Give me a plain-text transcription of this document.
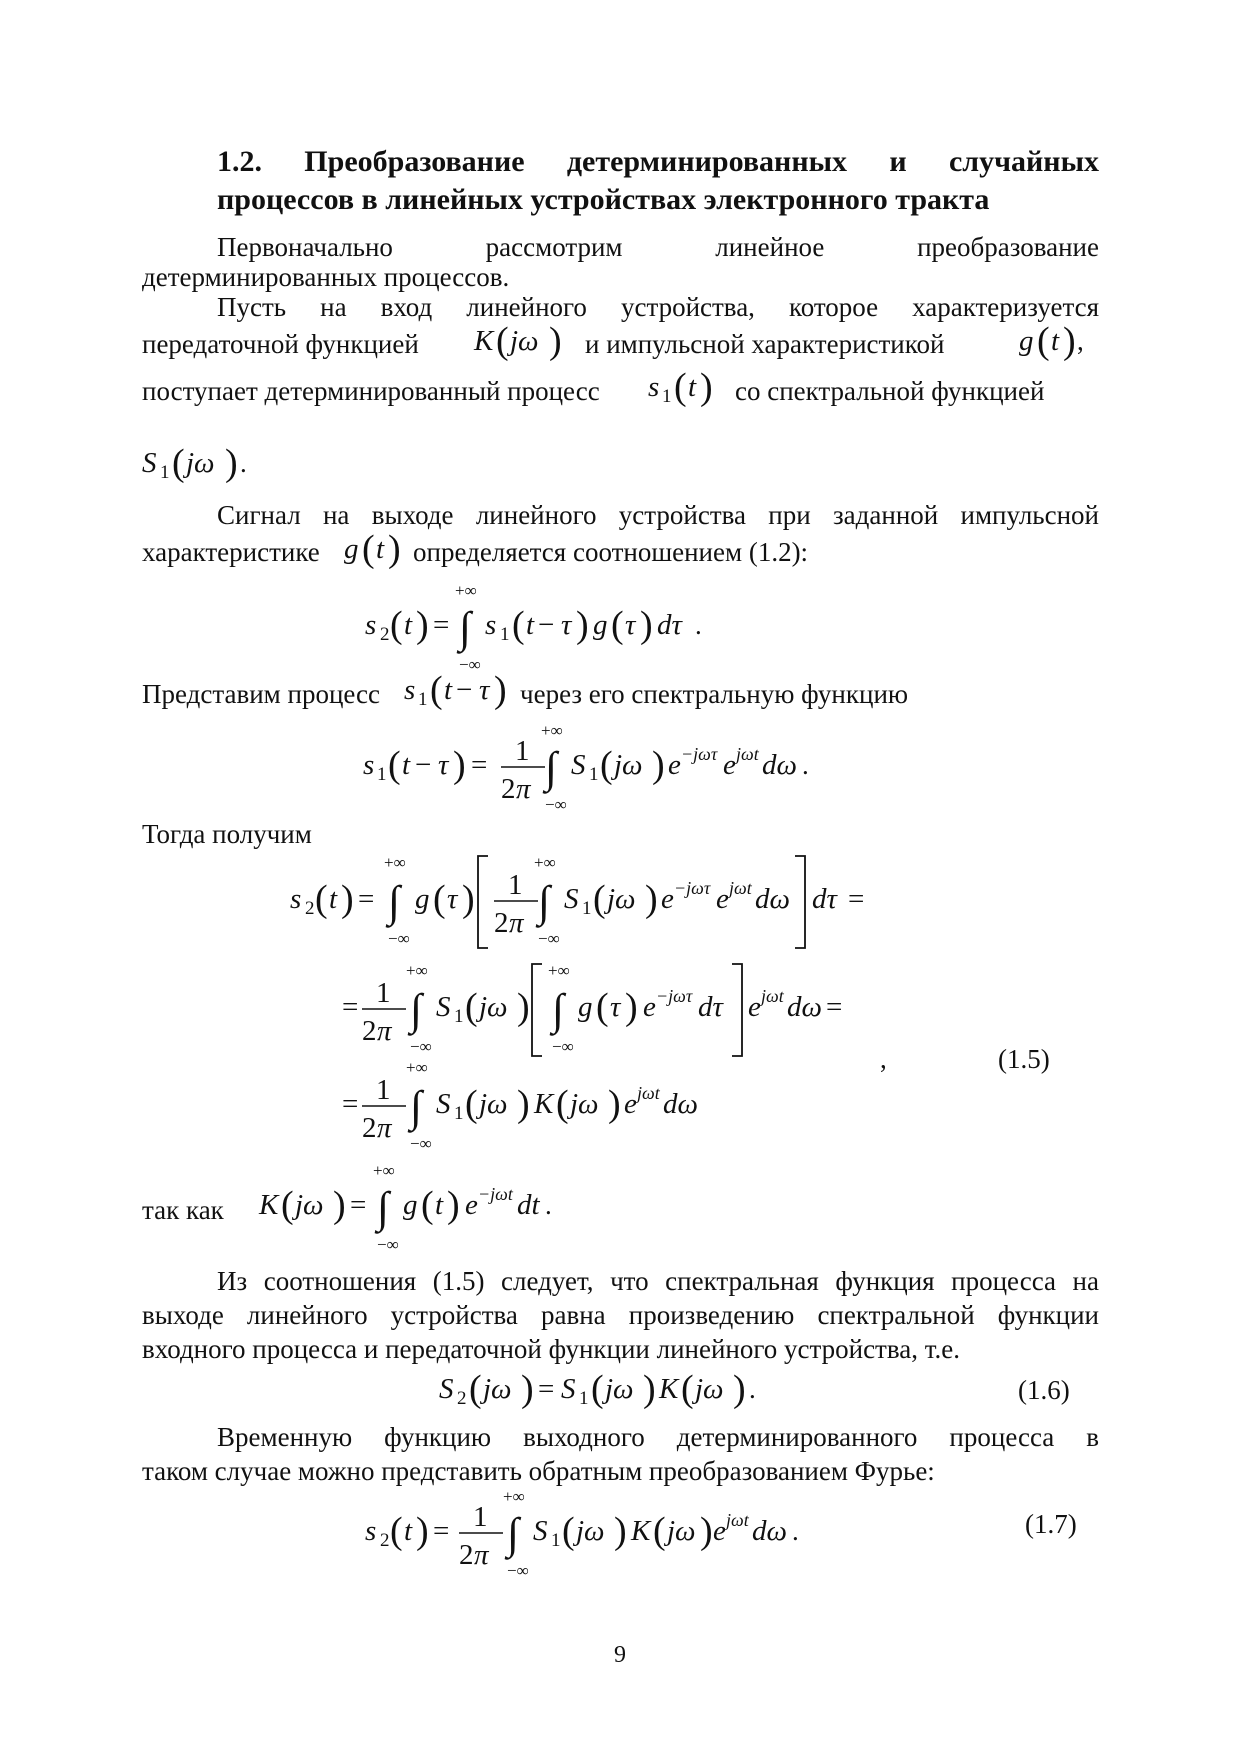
1.2. Преобразование детерминированных и случайных
процессов в линейных устройствах электронного тракта
Первоначально рассмотрим линейное преобразование
детерминированных процессов.
Пусть на вход линейного устройства, которое характеризуется
передаточной функцией K ( jω ) и импульсной характеристикой	g ( t ) ,
поступает детерминированный процесс s 1 ( t ) со спектральной функцией
S 1 ( jω ) .
Сигнал на выходе линейного устройства при заданной импульсной
характеристике g ( t ) определяется соотношением (1.2):
+∞
∫
−∞
s 2 ( t ) = s 1 ( t − τ ) g ( τ ) dτ .
Представим процесс s 1 ( t − τ ) через его спектральную функцию
s 1 ( t − τ ) = 1
2 π
+∞
∫
−∞
S 1 ( jω ) e −jωτ e jωt dω .
Тогда получим
s 2 ( t ) =
+∞
∫
−∞
g ( τ ) 1
2 π
+∞
∫
−∞
S 1 ( jω ) e −jωτ e jωt dω dτ =
= 1
2 π
+∞
∫
−∞
S 1 ( jω )
+∞
∫
−∞
g ( τ ) e −jωτ dτ e jωt dω =
= 1
2 π
+∞
∫
−∞
S 1 ( jω ) K ( jω ) e jωt dω
,	(1.5)
так как K ( jω ) =
+∞
∫
−∞
g ( t ) e −jωt dt .
Из соотношения (1.5) следует, что спектральная функция процесса на
выходе линейного устройства равна произведению спектральной функции
входного процесса и передаточной функции линейного устройства, т.е.
S 2 ( jω ) = S 1 ( jω ) K ( jω ) .	(1.6)
Временную функцию выходного детерминированного процесса в
таком случае можно представить обратным преобразованием Фурье:
s 2 ( t ) = 1
2 π
+∞
∫
−∞
S 1 ( jω ) K ( jω ) e jωt dω .	(1.7)
9
